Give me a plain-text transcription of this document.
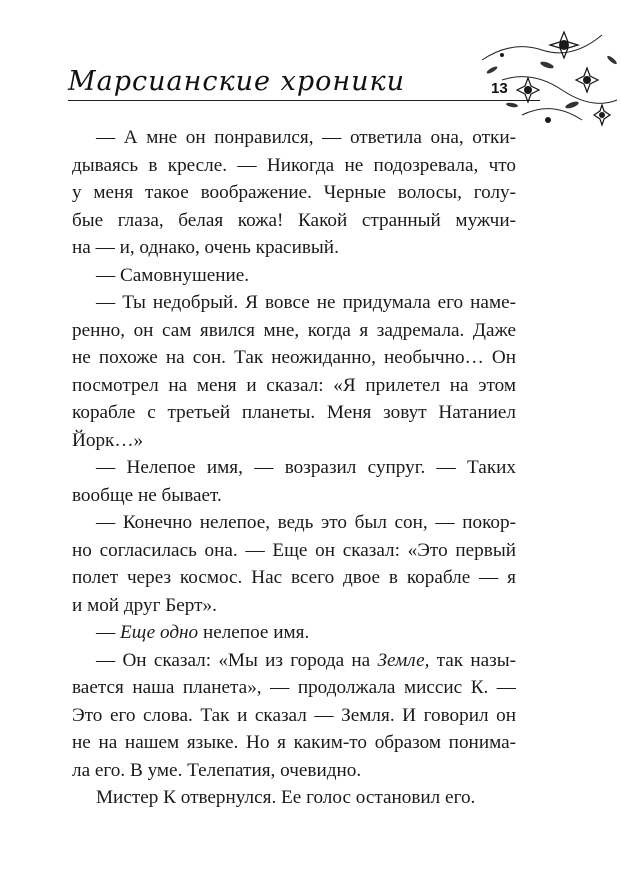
Марсианские хроники	13
— А мне он понравился, — ответила она, отки-
дываясь в кресле. — Никогда не подозревала, что
у меня такое воображение. Черные волосы, голу-
бые глаза, белая кожа! Какой странный мужчи-
на — и, однако, очень красивый.
— Самовнушение.
— Ты недобрый. Я вовсе не придумала его наме-
ренно, он сам явился мне, когда я задремала. Даже
не похоже на сон. Так неожиданно, необычно… Он
посмотрел на меня и сказал: «Я прилетел на этом
корабле с третьей планеты. Меня зовут Натаниел
Йорк…»
— Нелепое имя, — возразил супруг. — Таких
вообще не бывает.
— Конечно нелепое, ведь это был сон, — покор-
но согласилась она. — Еще он сказал: «Это первый
полет через космос. Нас всего двое в корабле — я
и мой друг Берт».
— Еще одно нелепое имя.
— Он сказал: «Мы из города на Земле, так назы-
вается наша планета», — продолжала миссис К. —
Это его слова. Так и сказал — Земля. И говорил он
не на нашем языке. Но я каким-то образом понима-
ла его. В уме. Телепатия, очевидно.
Мистер К отвернулся. Ее голос остановил его.
